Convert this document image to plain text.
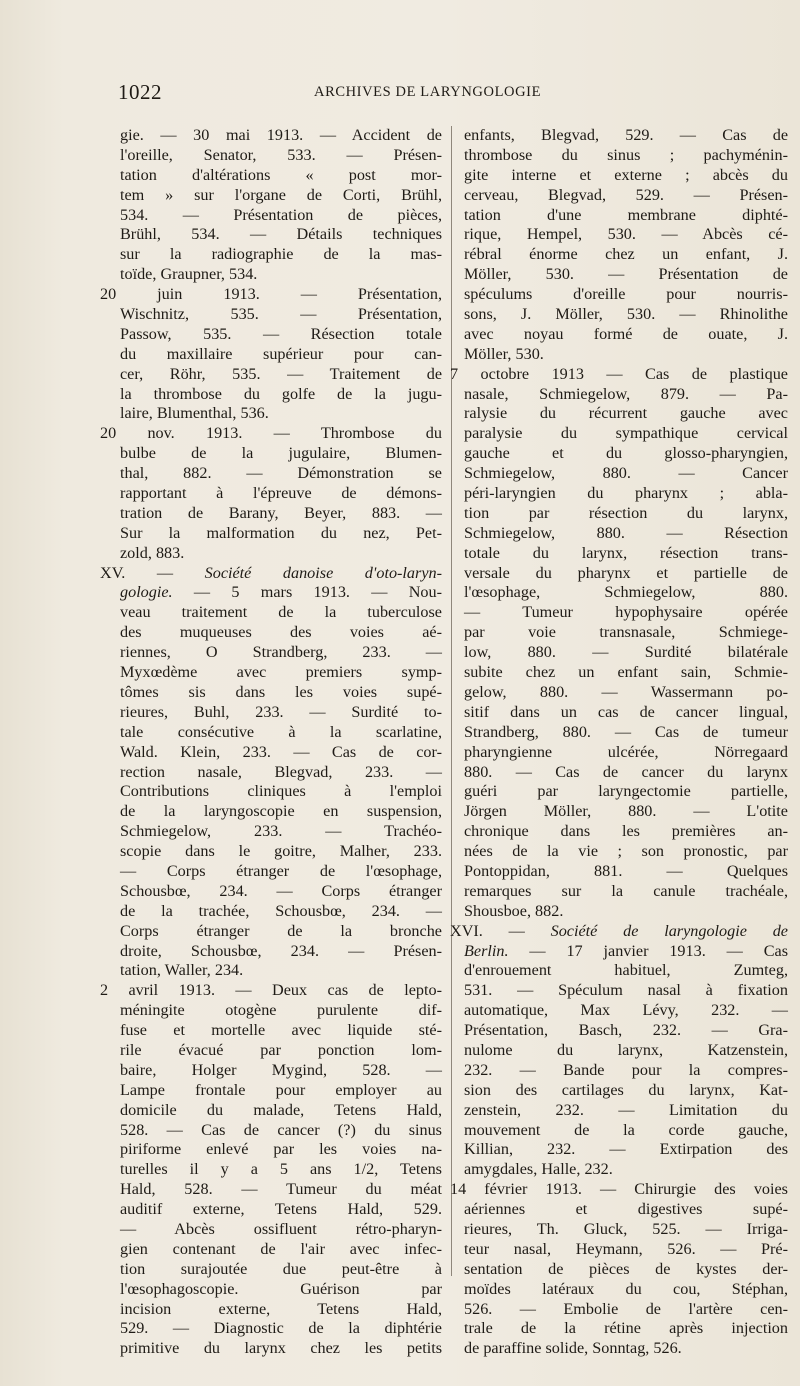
1022	ARCHIVES DE LARYNGOLOGIE
gie. — 30 mai 1913. — Accident de
l'oreille, Senator, 533. — Présen-
tation d'altérations « post mor-
tem » sur l'organe de Corti, Brühl,
534. — Présentation de pièces,
Brühl, 534. — Détails techniques
sur la radiographie de la mas-
toïde, Graupner, 534.
20 juin 1913. — Présentation,
Wischnitz, 535. — Présentation,
Passow, 535. — Résection totale
du maxillaire supérieur pour can-
cer, Röhr, 535. — Traitement de
la thrombose du golfe de la jugu-
laire, Blumenthal, 536.
20 nov. 1913. — Thrombose du
bulbe de la jugulaire, Blumen-
thal, 882. — Démonstration se
rapportant à l'épreuve de démons-
tration de Barany, Beyer, 883. —
Sur la malformation du nez, Pet-
zold, 883.
XV. — Société danoise d'oto-laryn-
gologie. — 5 mars 1913. — Nou-
veau traitement de la tuberculose
des muqueuses des voies aé-
riennes, O Strandberg, 233. —
Myxœdème avec premiers symp-
tômes sis dans les voies supé-
rieures, Buhl, 233. — Surdité to-
tale consécutive à la scarlatine,
Wald. Klein, 233. — Cas de cor-
rection nasale, Blegvad, 233. —
Contributions cliniques à l'emploi
de la laryngoscopie en suspension,
Schmiegelow, 233. — Trachéo-
scopie dans le goitre, Malher, 233.
— Corps étranger de l'œsophage,
Schousbœ, 234. — Corps étranger
de la trachée, Schousbœ, 234. —
Corps étranger de la bronche
droite, Schousbœ, 234. — Présen-
tation, Waller, 234.
2 avril 1913. — Deux cas de lepto-
méningite otogène purulente dif-
fuse et mortelle avec liquide sté-
rile évacué par ponction lom-
baire, Holger Mygind, 528. —
Lampe frontale pour employer au
domicile du malade, Tetens Hald,
528. — Cas de cancer (?) du sinus
piriforme enlevé par les voies na-
turelles il y a 5 ans 1/2, Tetens
Hald, 528. — Tumeur du méat
auditif externe, Tetens Hald, 529.
— Abcès ossifluent rétro-pharyn-
gien contenant de l'air avec infec-
tion surajoutée due peut-être à
l'œsophagoscopie. Guérison par
incision externe, Tetens Hald,
529. — Diagnostic de la diphtérie
primitive du larynx chez les petits
enfants, Blegvad, 529. — Cas de
thrombose du sinus ; pachyménin-
gite interne et externe ; abcès du
cerveau, Blegvad, 529. — Présen-
tation d'une membrane diphté-
rique, Hempel, 530. — Abcès cé-
rébral énorme chez un enfant, J.
Möller, 530. — Présentation de
spéculums d'oreille pour nourris-
sons, J. Möller, 530. — Rhinolithe
avec noyau formé de ouate, J.
Möller, 530.
7 octobre 1913 — Cas de plastique
nasale, Schmiegelow, 879. — Pa-
ralysie du récurrent gauche avec
paralysie du sympathique cervical
gauche et du glosso-pharyngien,
Schmiegelow, 880. — Cancer
péri-laryngien du pharynx ; abla-
tion par résection du larynx,
Schmiegelow, 880. — Résection
totale du larynx, résection trans-
versale du pharynx et partielle de
l'œsophage, Schmiegelow, 880.
— Tumeur hypophysaire opérée
par voie transnasale, Schmiege-
low, 880. — Surdité bilatérale
subite chez un enfant sain, Schmie-
gelow, 880. — Wassermann po-
sitif dans un cas de cancer lingual,
Strandberg, 880. — Cas de tumeur
pharyngienne ulcérée, Nörregaard
880. — Cas de cancer du larynx
guéri par laryngectomie partielle,
Jörgen Möller, 880. — L'otite
chronique dans les premières an-
nées de la vie ; son pronostic, par
Pontoppidan, 881. — Quelques
remarques sur la canule trachéale,
Shousboe, 882.
XVI. — Société de laryngologie de
Berlin. — 17 janvier 1913. — Cas
d'enrouement habituel, Zumteg,
531. — Spéculum nasal à fixation
automatique, Max Lévy, 232. —
Présentation, Basch, 232. — Gra-
nulome du larynx, Katzenstein,
232. — Bande pour la compres-
sion des cartilages du larynx, Kat-
zenstein, 232. — Limitation du
mouvement de la corde gauche,
Killian, 232. — Extirpation des
amygdales, Halle, 232.
14 février 1913. — Chirurgie des voies
aériennes et digestives supé-
rieures, Th. Gluck, 525. — Irriga-
teur nasal, Heymann, 526. — Pré-
sentation de pièces de kystes der-
moïdes latéraux du cou, Stéphan,
526. — Embolie de l'artère cen-
trale de la rétine après injection
de paraffine solide, Sonntag, 526.
